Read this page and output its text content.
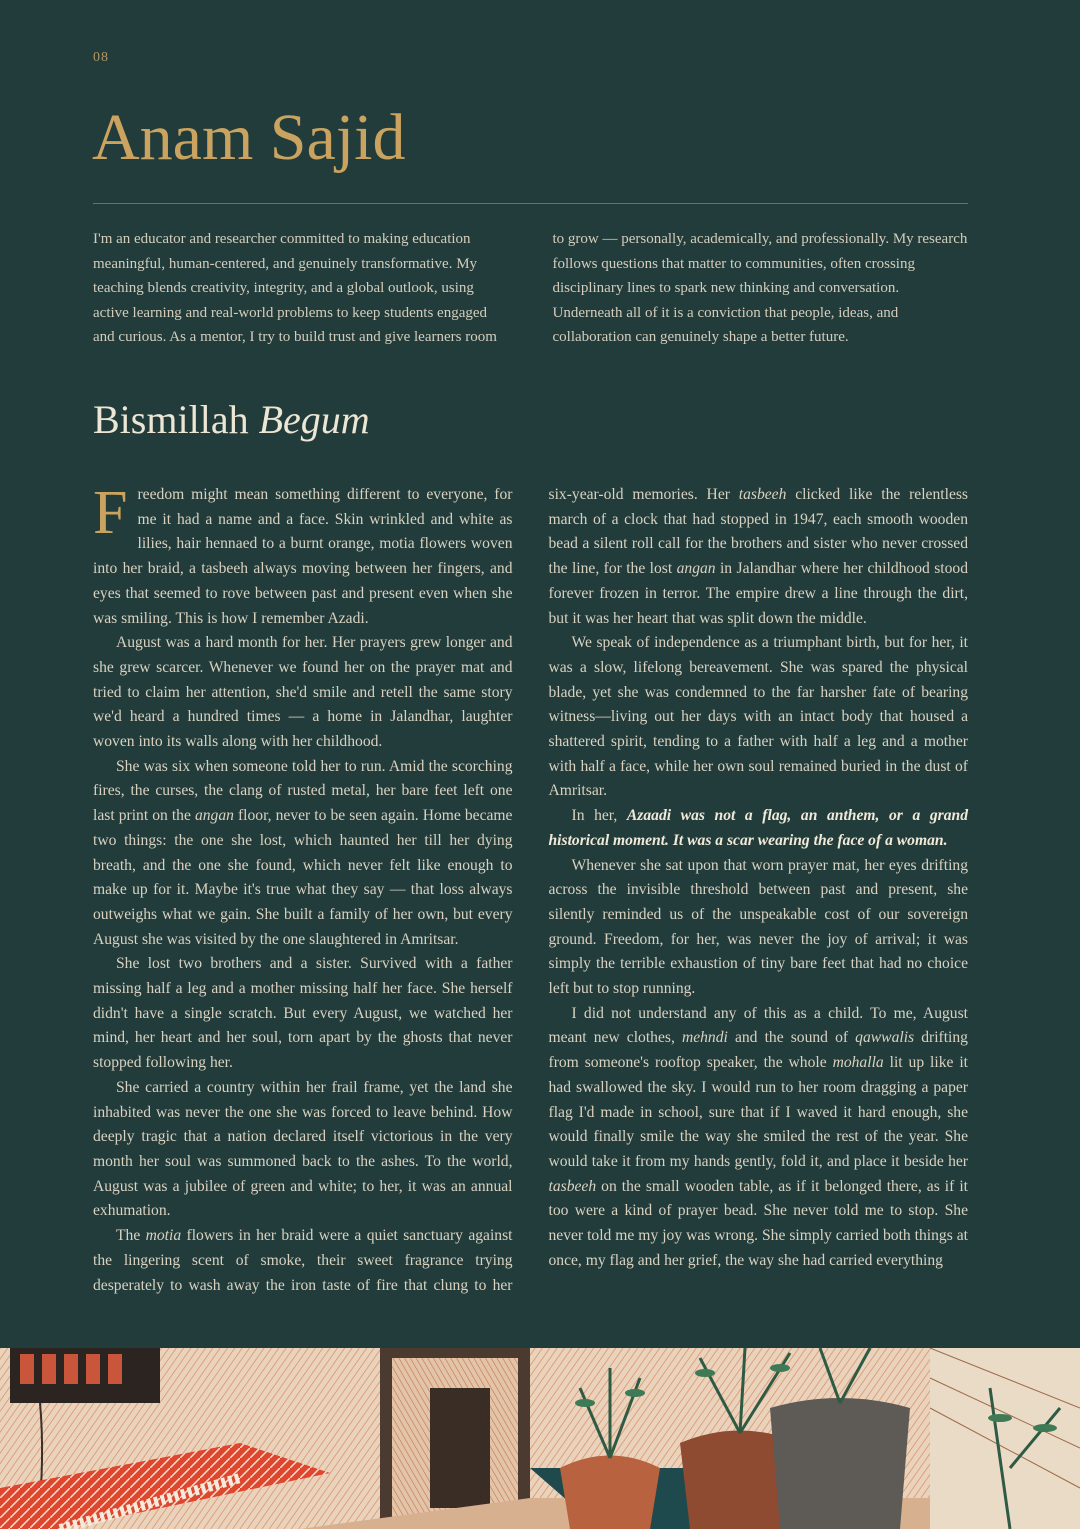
08
Anam Sajid

I'm an educator and researcher committed to making education meaningful, human-centered, and genuinely transformative. My teaching blends creativity, integrity, and a global outlook, using active learning and real-world problems to keep students engaged and curious. As a mentor, I try to build trust and give learners room to grow — personally, academically, and professionally. My research follows questions that matter to communities, often crossing disciplinary lines to spark new thinking and conversation. Underneath all of it is a conviction that people, ideas, and collaboration can genuinely shape a better future.

Bismillah Begum

Freedom might mean something different to everyone, for me it had a name and a face. Skin wrinkled and white as lilies, hair hennaed to a burnt orange, motia flowers woven into her braid, a tasbeeh always moving between her fingers, and eyes that seemed to rove between past and present even when she was smiling. This is how I remember Azadi.

August was a hard month for her. Her prayers grew longer and she grew scarcer. Whenever we found her on the prayer mat and tried to claim her attention, she'd smile and retell the same story we'd heard a hundred times — a home in Jalandhar, laughter woven into its walls along with her childhood.

She was six when someone told her to run. Amid the scorching fires, the curses, the clang of rusted metal, her bare feet left one last print on the angan floor, never to be seen again. Home became two things: the one she lost, which haunted her till her dying breath, and the one she found, which never felt like enough to make up for it. Maybe it's true what they say — that loss always outweighs what we gain. She built a family of her own, but every August she was visited by the one slaughtered in Amritsar.

She lost two brothers and a sister. Survived with a father missing half a leg and a mother missing half her face. She herself didn't have a single scratch. But every August, we watched her mind, her heart and her soul, torn apart by the ghosts that never stopped following her.

She carried a country within her frail frame, yet the land she inhabited was never the one she was forced to leave behind. How deeply tragic that a nation declared itself victorious in the very month her soul was summoned back to the ashes. To the world, August was a jubilee of green and white; to her, it was an annual exhumation.

The motia flowers in her braid were a quiet sanctuary against the lingering scent of smoke, their sweet fragrance trying desperately to wash away the iron taste of fire that clung to her six-year-old memories. Her tasbeeh clicked like the relentless march of a clock that had stopped in 1947, each smooth wooden bead a silent roll call for the brothers and sister who never crossed the line, for the lost angan in Jalandhar where her childhood stood forever frozen in terror. The empire drew a line through the dirt, but it was her heart that was split down the middle.

We speak of independence as a triumphant birth, but for her, it was a slow, lifelong bereavement. She was spared the physical blade, yet she was condemned to the far harsher fate of bearing witness—living out her days with an intact body that housed a shattered spirit, tending to a father with half a leg and a mother with half a face, while her own soul remained buried in the dust of Amritsar.

In her, Azaadi was not a flag, an anthem, or a grand historical moment. It was a scar wearing the face of a woman.

Whenever she sat upon that worn prayer mat, her eyes drifting across the invisible threshold between past and present, she silently reminded us of the unspeakable cost of our sovereign ground. Freedom, for her, was never the joy of arrival; it was simply the terrible exhaustion of tiny bare feet that had no choice left but to stop running.

I did not understand any of this as a child. To me, August meant new clothes, mehndi and the sound of qawwalis drifting from someone's rooftop speaker, the whole mohalla lit up like it had swallowed the sky. I would run to her room dragging a paper flag I'd made in school, sure that if I waved it hard enough, she would finally smile the way she smiled the rest of the year. She would take it from my hands gently, fold it, and place it beside her tasbeeh on the small wooden table, as if it belonged there, as if it too were a kind of prayer bead. She never told me to stop. She never told me my joy was wrong. She simply carried both things at once, my flag and her grief, the way she had carried everything
